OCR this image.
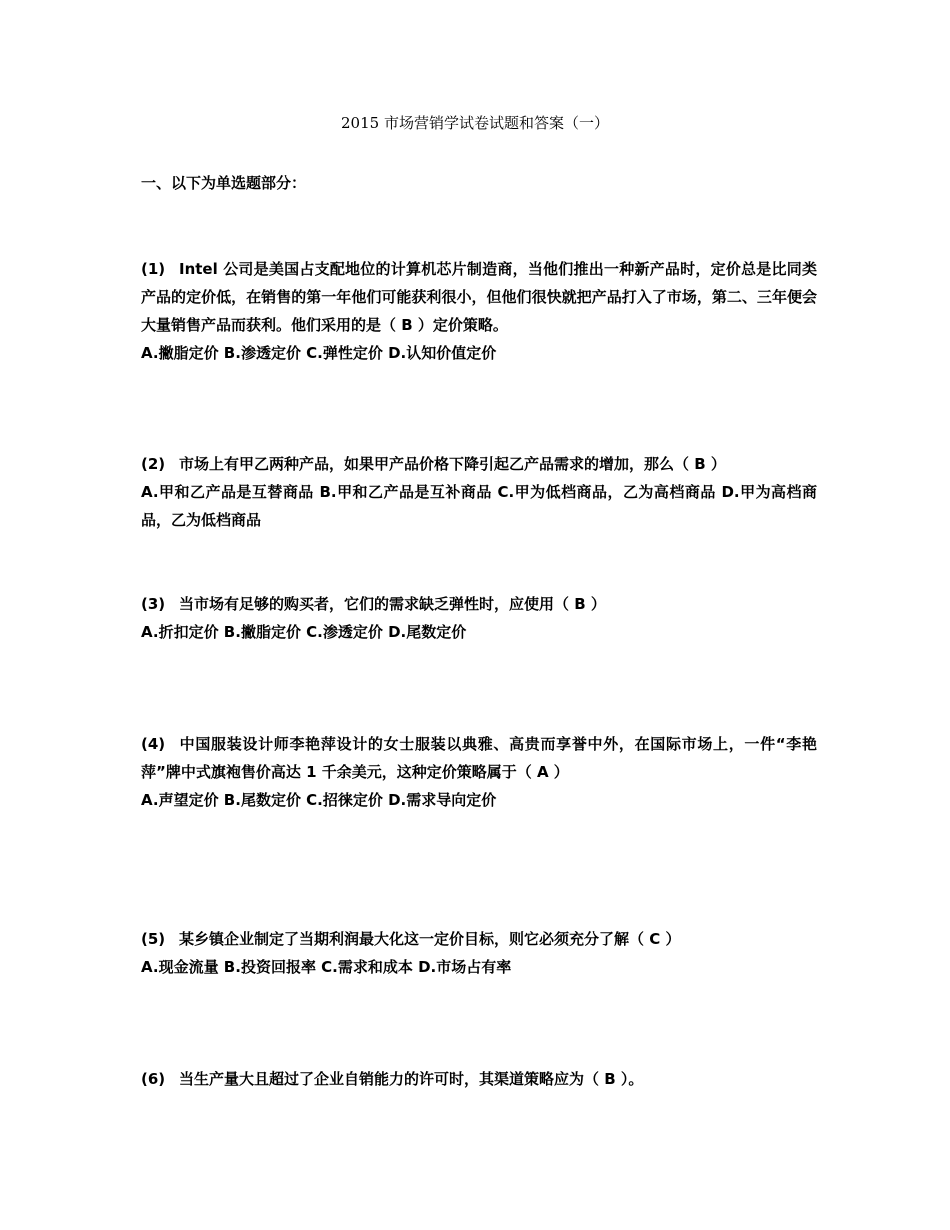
2015 市场营销学试卷试题和答案（一）
一、以下为单选题部分：

(1) Intel 公司是美国占支配地位的计算机芯片制造商，当他们推出一种新产品时，定价总是比同类产品的定价低，在销售的第一年他们可能获利很小，但他们很快就把产品打入了市场，第二、三年便会大量销售产品而获利。他们采用的是（ B ）定价策略。

A.撇脂定价 B.渗透定价 C.弹性定价 D.认知价值定价

(2) 市场上有甲乙两种产品，如果甲产品价格下降引起乙产品需求的增加，那么（ B ）

A.甲和乙产品是互替商品 B.甲和乙产品是互补商品 C.甲为低档商品，乙为高档商品 D.甲为高档商品，乙为低档商品

(3) 当市场有足够的购买者，它们的需求缺乏弹性时，应使用（ B ）

A.折扣定价 B.撇脂定价 C.渗透定价 D.尾数定价

(4) 中国服装设计师李艳萍设计的女士服装以典雅、高贵而享誉中外，在国际市场上，一件“李艳萍”牌中式旗袍售价高达 1 千余美元，这种定价策略属于（ A ）

A.声望定价 B.尾数定价 C.招徕定价 D.需求导向定价

(5) 某乡镇企业制定了当期利润最大化这一定价目标，则它必须充分了解（ C ）

A.现金流量 B.投资回报率 C.需求和成本 D.市场占有率

(6) 当生产量大且超过了企业自销能力的许可时，其渠道策略应为（ B ）。
